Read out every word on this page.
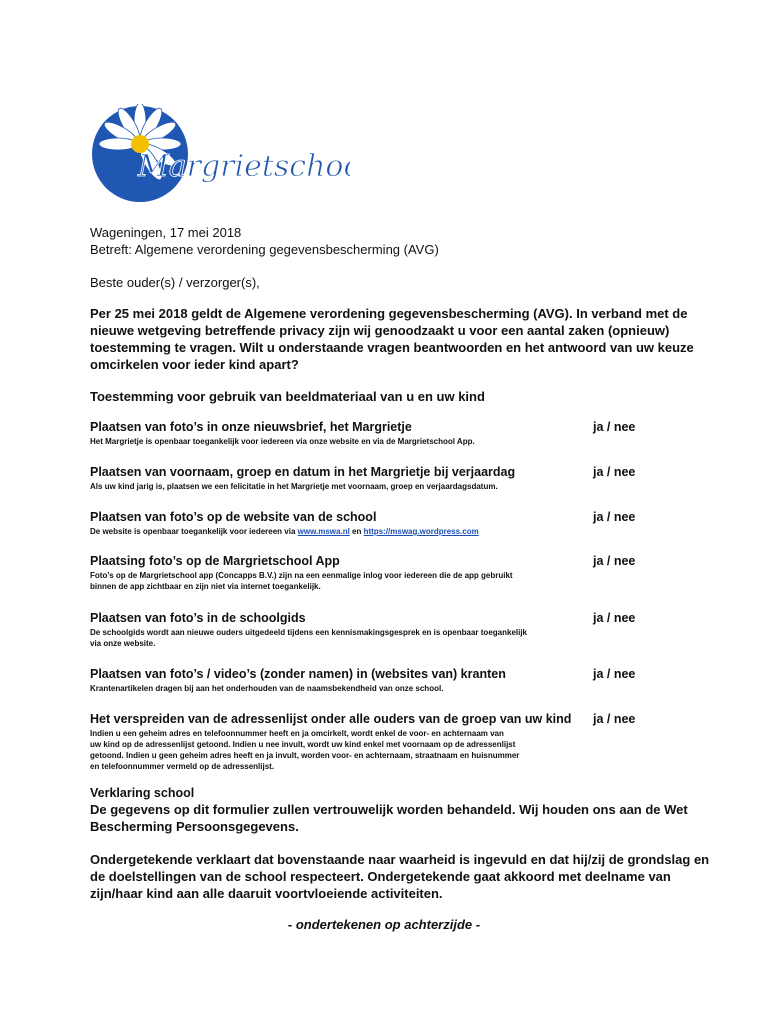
Margrietschool
Wageningen, 17 mei 2018
Betreft: Algemene verordening gegevensbescherming (AVG)
Beste ouder(s) / verzorger(s),
Per 25 mei 2018 geldt de Algemene verordening gegevensbescherming (AVG). In verband met de
nieuwe wetgeving betreffende privacy zijn wij genoodzaakt u voor een aantal zaken (opnieuw)
toestemming te vragen. Wilt u onderstaande vragen beantwoorden en het antwoord van uw keuze
omcirkelen voor ieder kind apart?
Toestemming voor gebruik van beeldmateriaal van u en uw kind
Plaatsen van foto’s in onze nieuwsbrief, het Margrietje
Het Margrietje is openbaar toegankelijk voor iedereen via onze website en via de Margrietschool App.
ja / nee
Plaatsen van voornaam, groep en datum in het Margrietje bij verjaardag
Als uw kind jarig is, plaatsen we een felicitatie in het Margrietje met voornaam, groep en verjaardagsdatum.
ja / nee
Plaatsen van foto’s op de website van de school
De website is openbaar toegankelijk voor iedereen via www.mswa.nl en https://mswag.wordpress.com
ja / nee
Plaatsing foto’s op de Margrietschool App
Foto’s op de Margrietschool app (Concapps B.V.) zijn na een eenmalige inlog voor iedereen die de app gebruikt
binnen de app zichtbaar en zijn niet via internet toegankelijk.
ja / nee
Plaatsen van foto’s in de schoolgids
De schoolgids wordt aan nieuwe ouders uitgedeeld tijdens een kennismakingsgesprek en is openbaar toegankelijk
via onze website.
ja / nee
Plaatsen van foto’s / video’s (zonder namen) in (websites van) kranten
Krantenartikelen dragen bij aan het onderhouden van de naamsbekendheid van onze school.
ja / nee
Het verspreiden van de adressenlijst onder alle ouders van de groep van uw kind
Indien u een geheim adres en telefoonnummer heeft en ja omcirkelt, wordt enkel de voor- en achternaam van
uw kind op de adressenlijst getoond. Indien u nee invult, wordt uw kind enkel met voornaam op de adressenlijst
getoond. Indien u geen geheim adres heeft en ja invult, worden voor- en achternaam, straatnaam en huisnummer
en telefoonnummer vermeld op de adressenlijst.
ja / nee
Verklaring school
De gegevens op dit formulier zullen vertrouwelijk worden behandeld. Wij houden ons aan de Wet
Bescherming Persoonsgegevens.
Ondergetekende verklaart dat bovenstaande naar waarheid is ingevuld en dat hij/zij de grondslag en
de doelstellingen van de school respecteert. Ondergetekende gaat akkoord met deelname van
zijn/haar kind aan alle daaruit voortvloeiende activiteiten.
- ondertekenen op achterzijde -
